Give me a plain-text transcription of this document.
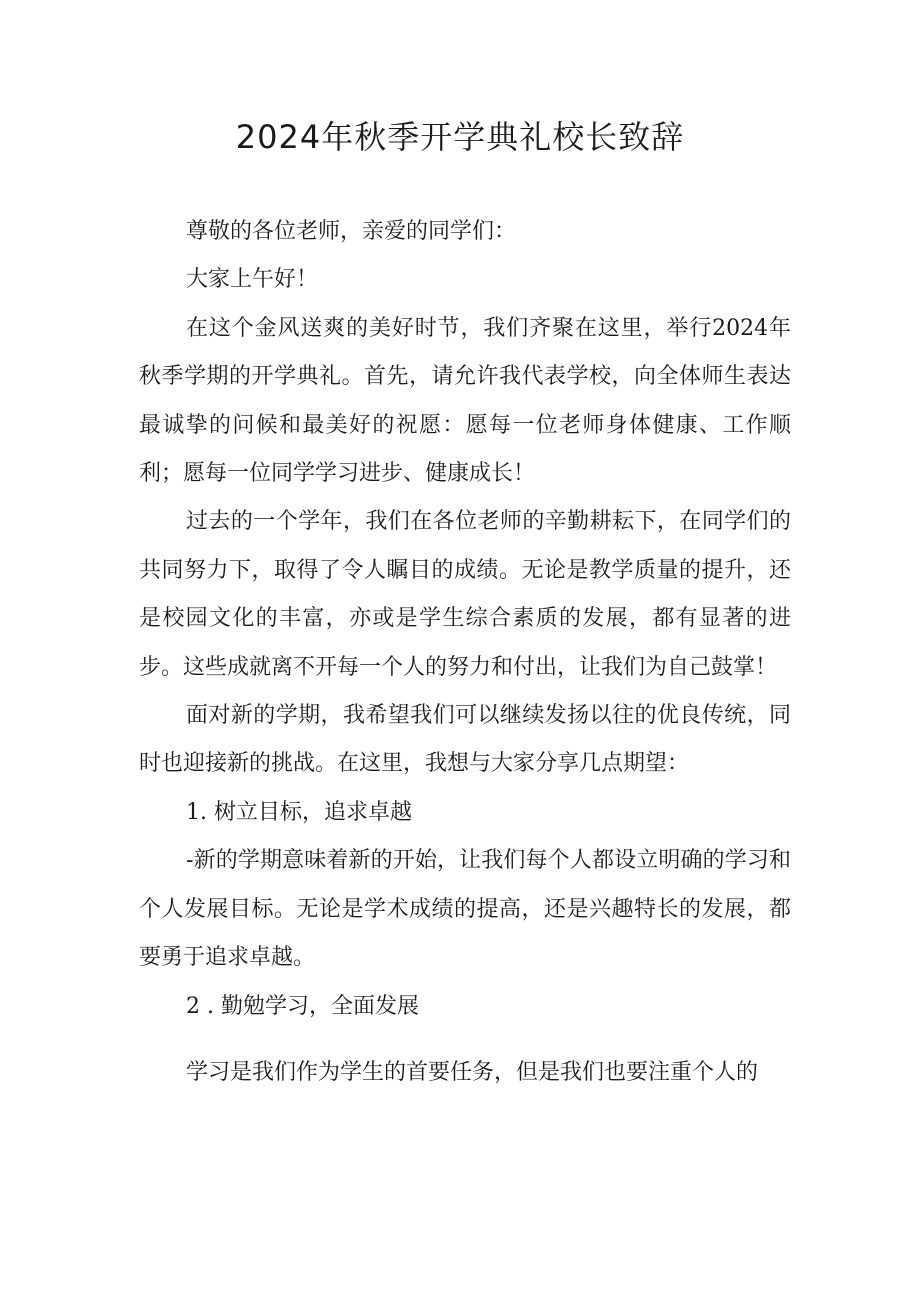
2024年秋季开学典礼校长致辞

尊敬的各位老师，亲爱的同学们：

大家上午好！

在这个金风送爽的美好时节，我们齐聚在这里，举行2024年秋季学期的开学典礼。首先，请允许我代表学校，向全体师生表达最诚挚的问候和最美好的祝愿：愿每一位老师身体健康、工作顺利；愿每一位同学学习进步、健康成长！

过去的一个学年，我们在各位老师的辛勤耕耘下，在同学们的共同努力下，取得了令人瞩目的成绩。无论是教学质量的提升，还是校园文化的丰富，亦或是学生综合素质的发展，都有显著的进步。这些成就离不开每一个人的努力和付出，让我们为自己鼓掌！

面对新的学期，我希望我们可以继续发扬以往的优良传统，同时也迎接新的挑战。在这里，我想与大家分享几点期望：

1. 树立目标，追求卓越

-新的学期意味着新的开始，让我们每个人都设立明确的学习和个人发展目标。无论是学术成绩的提高，还是兴趣特长的发展，都要勇于追求卓越。

2 . 勤勉学习，全面发展

学习是我们作为学生的首要任务，但是我们也要注重个人的
